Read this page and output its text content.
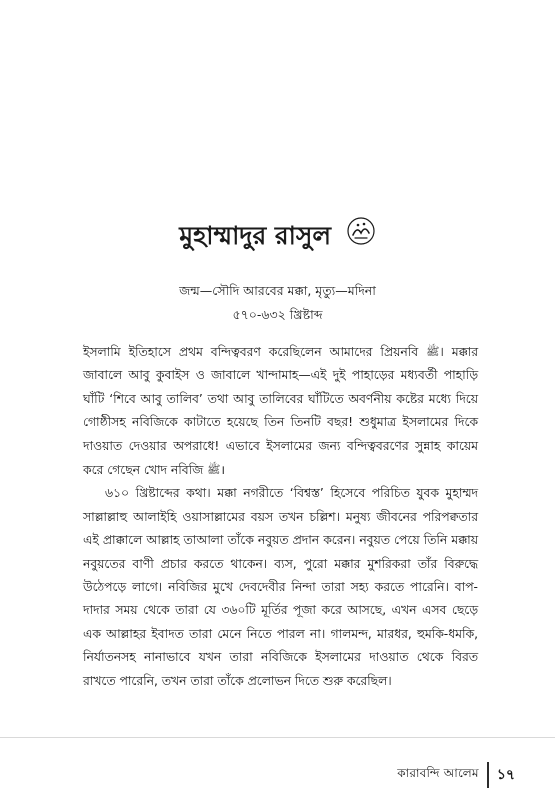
মুহাম্মাদুর রাসুল
জন্ম—সৌদি আরবের মক্কা, মৃত্যু—মদিনা
৫৭০-৬৩২ খ্রিষ্টাব্দ

ইসলামি ইতিহাসে প্রথম বন্দিত্ববরণ করেছিলেন আমাদের প্রিয়নবি ﷺ। মক্কার জাবালে আবু কুবাইস ও জাবালে খান্দামাহ—এই দুই পাহাড়ের মধ্যবর্তী পাহাড়ি ঘাঁটি ‘শিবে আবু তালিব’ তথা আবু তালিবের ঘাঁটিতে অবর্ণনীয় কষ্টের মধ্যে দিয়ে গোষ্ঠীসহ নবিজিকে কাটাতে হয়েছে তিন তিনটি বছর! শুধুমাত্র ইসলামের দিকে দাওয়াত দেওয়ার অপরাধে! এভাবে ইসলামের জন্য বন্দিত্ববরণের সুন্নাহ কায়েম করে গেছেন খোদ নবিজি ﷺ।

৬১০ খ্রিষ্টাব্দের কথা। মক্কা নগরীতে ‘বিশ্বস্ত’ হিসেবে পরিচিত যুবক মুহাম্মদ সাল্লাল্লাহু আলাইহি ওয়াসাল্লামের বয়স তখন চল্লিশ। মনুষ্য জীবনের পরিপক্বতার এই প্রাক্কালে আল্লাহ তাআলা তাঁকে নবুয়ত প্রদান করেন। নবুয়ত পেয়ে তিনি মক্কায় নবুয়তের বাণী প্রচার করতে থাকেন। ব্যস, পুরো মক্কার মুশরিকরা তাঁর বিরুদ্ধে উঠেপড়ে লাগে। নবিজির মুখে দেবদেবীর নিন্দা তারা সহ্য করতে পারেনি। বাপ-দাদার সময় থেকে তারা যে ৩৬০টি মূর্তির পূজা করে আসছে, এখন এসব ছেড়ে এক আল্লাহর ইবাদত তারা মেনে নিতে পারল না। গালমন্দ, মারধর, হুমকি-ধমকি, নির্যাতনসহ নানাভাবে যখন তারা নবিজিকে ইসলামের দাওয়াত থেকে বিরত রাখতে পারেনি, তখন তারা তাঁকে প্রলোভন দিতে শুরু করেছিল।

কারাবন্দি আলেম ১৭
